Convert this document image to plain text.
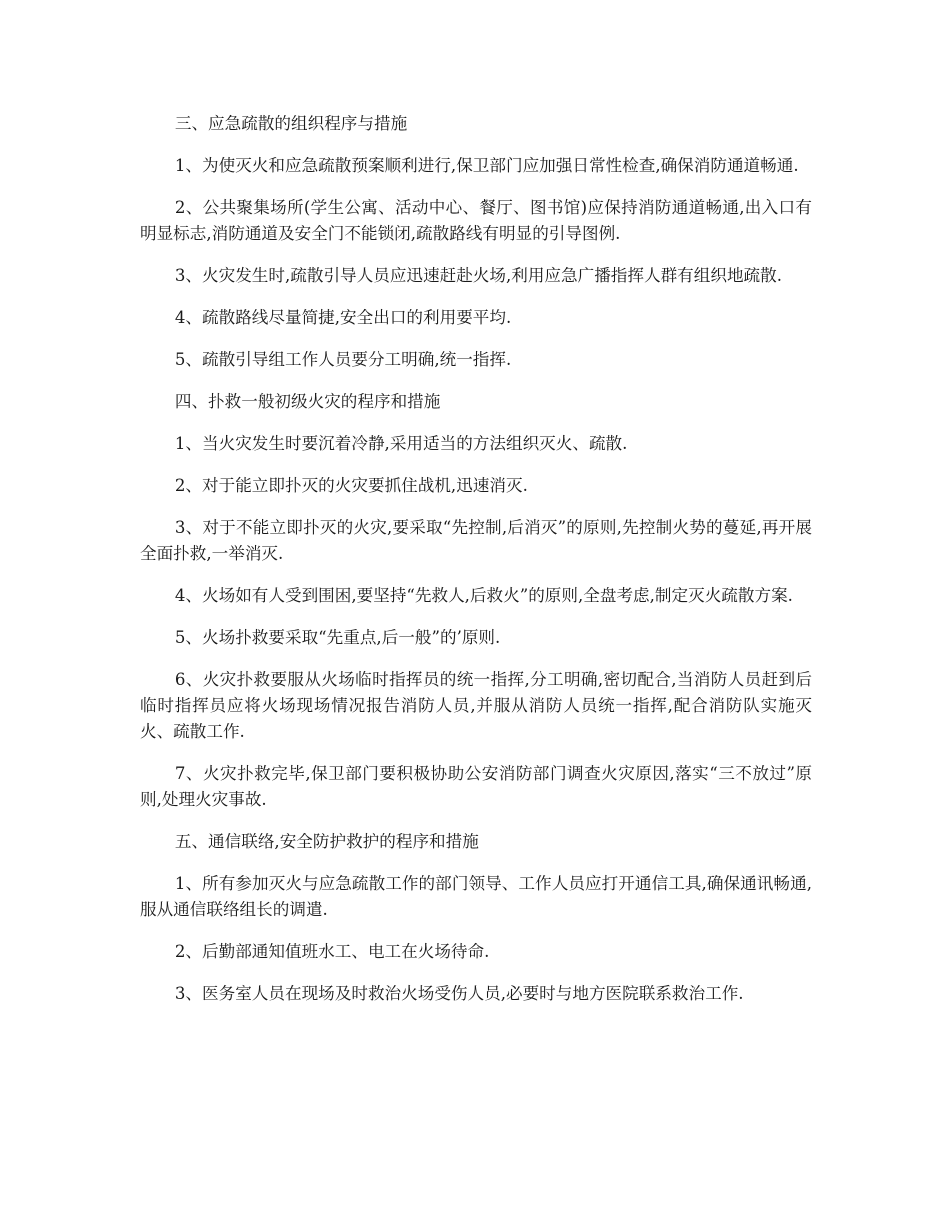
三、应急疏散的组织程序与措施

1、为使灭火和应急疏散预案顺利进行,保卫部门应加强日常性检查,确保消防通道畅通.

2、公共聚集场所(学生公寓、活动中心、餐厅、图书馆)应保持消防通道畅通,出入口有明显标志,消防通道及安全门不能锁闭,疏散路线有明显的引导图例.

3、火灾发生时,疏散引导人员应迅速赶赴火场,利用应急广播指挥人群有组织地疏散.

4、疏散路线尽量简捷,安全出口的利用要平均.

5、疏散引导组工作人员要分工明确,统一指挥.

四、扑救一般初级火灾的程序和措施

1、当火灾发生时要沉着冷静,采用适当的方法组织灭火、疏散.

2、对于能立即扑灭的火灾要抓住战机,迅速消灭.

3、对于不能立即扑灭的火灾,要采取“先控制,后消灭”的原则,先控制火势的蔓延,再开展全面扑救,一举消灭.

4、火场如有人受到围困,要坚持“先救人,后救火”的原则,全盘考虑,制定灭火疏散方案.

5、火场扑救要采取“先重点,后一般”的’原则.

6、火灾扑救要服从火场临时指挥员的统一指挥,分工明确,密切配合,当消防人员赶到后临时指挥员应将火场现场情况报告消防人员,并服从消防人员统一指挥,配合消防队实施灭火、疏散工作.

7、火灾扑救完毕,保卫部门要积极协助公安消防部门调查火灾原因,落实“三不放过”原则,处理火灾事故.

五、通信联络,安全防护救护的程序和措施

1、所有参加灭火与应急疏散工作的部门领导、工作人员应打开通信工具,确保通讯畅通,服从通信联络组长的调遣.

2、后勤部通知值班水工、电工在火场待命.

3、医务室人员在现场及时救治火场受伤人员,必要时与地方医院联系救治工作.
